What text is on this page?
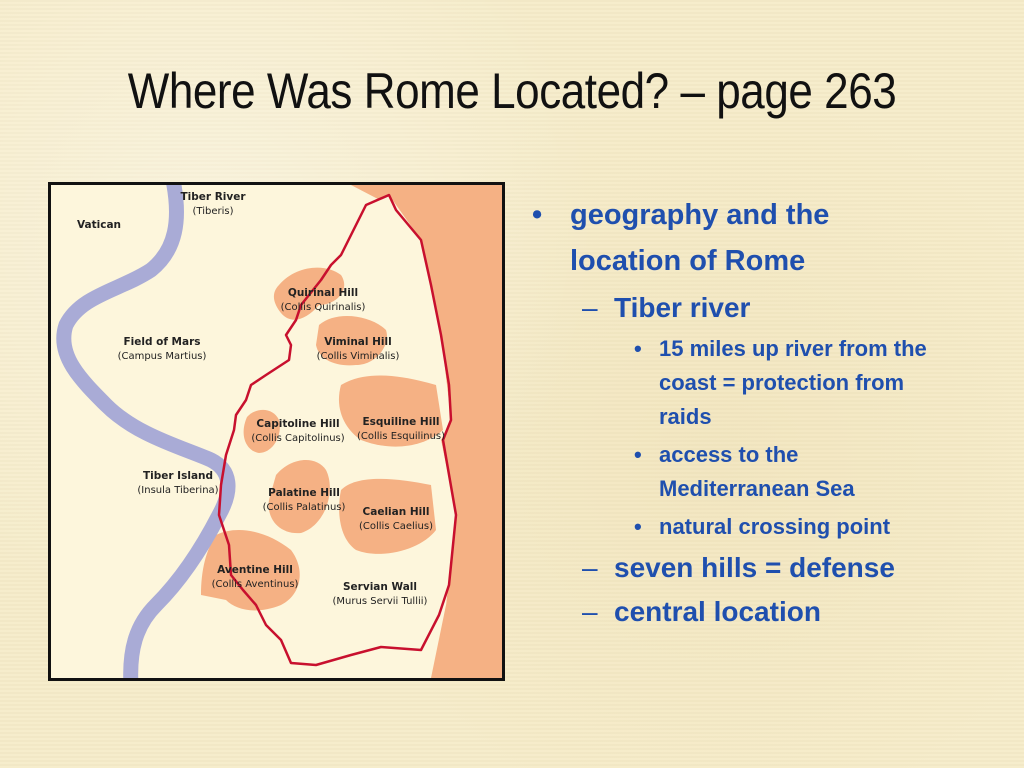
Where Was Rome Located? – page 263
Tiber River
(Tiberis)
Vatican
Quirinal Hill
(Collis Quirinalis)
Viminal Hill
(Collis Viminalis)
Field of Mars
(Campus Martius)
Capitoline Hill
(Collis Capitolinus)
Esquiline Hill
(Collis Esquilinus)
Tiber Island
(Insula Tiberina)	Palatine Hill
(Collis Palatinus) Caelian Hill
(Collis Caelius)
Aventine Hill
(Collis Aventinus)	Servian Wall
(Murus Servii Tullii)
• geography and the
location of Rome
– Tiber river
• 15 miles up river from the
coast = protection from
raids
• access to the
Mediterranean Sea
• natural crossing point
– seven hills = defense
– central location
